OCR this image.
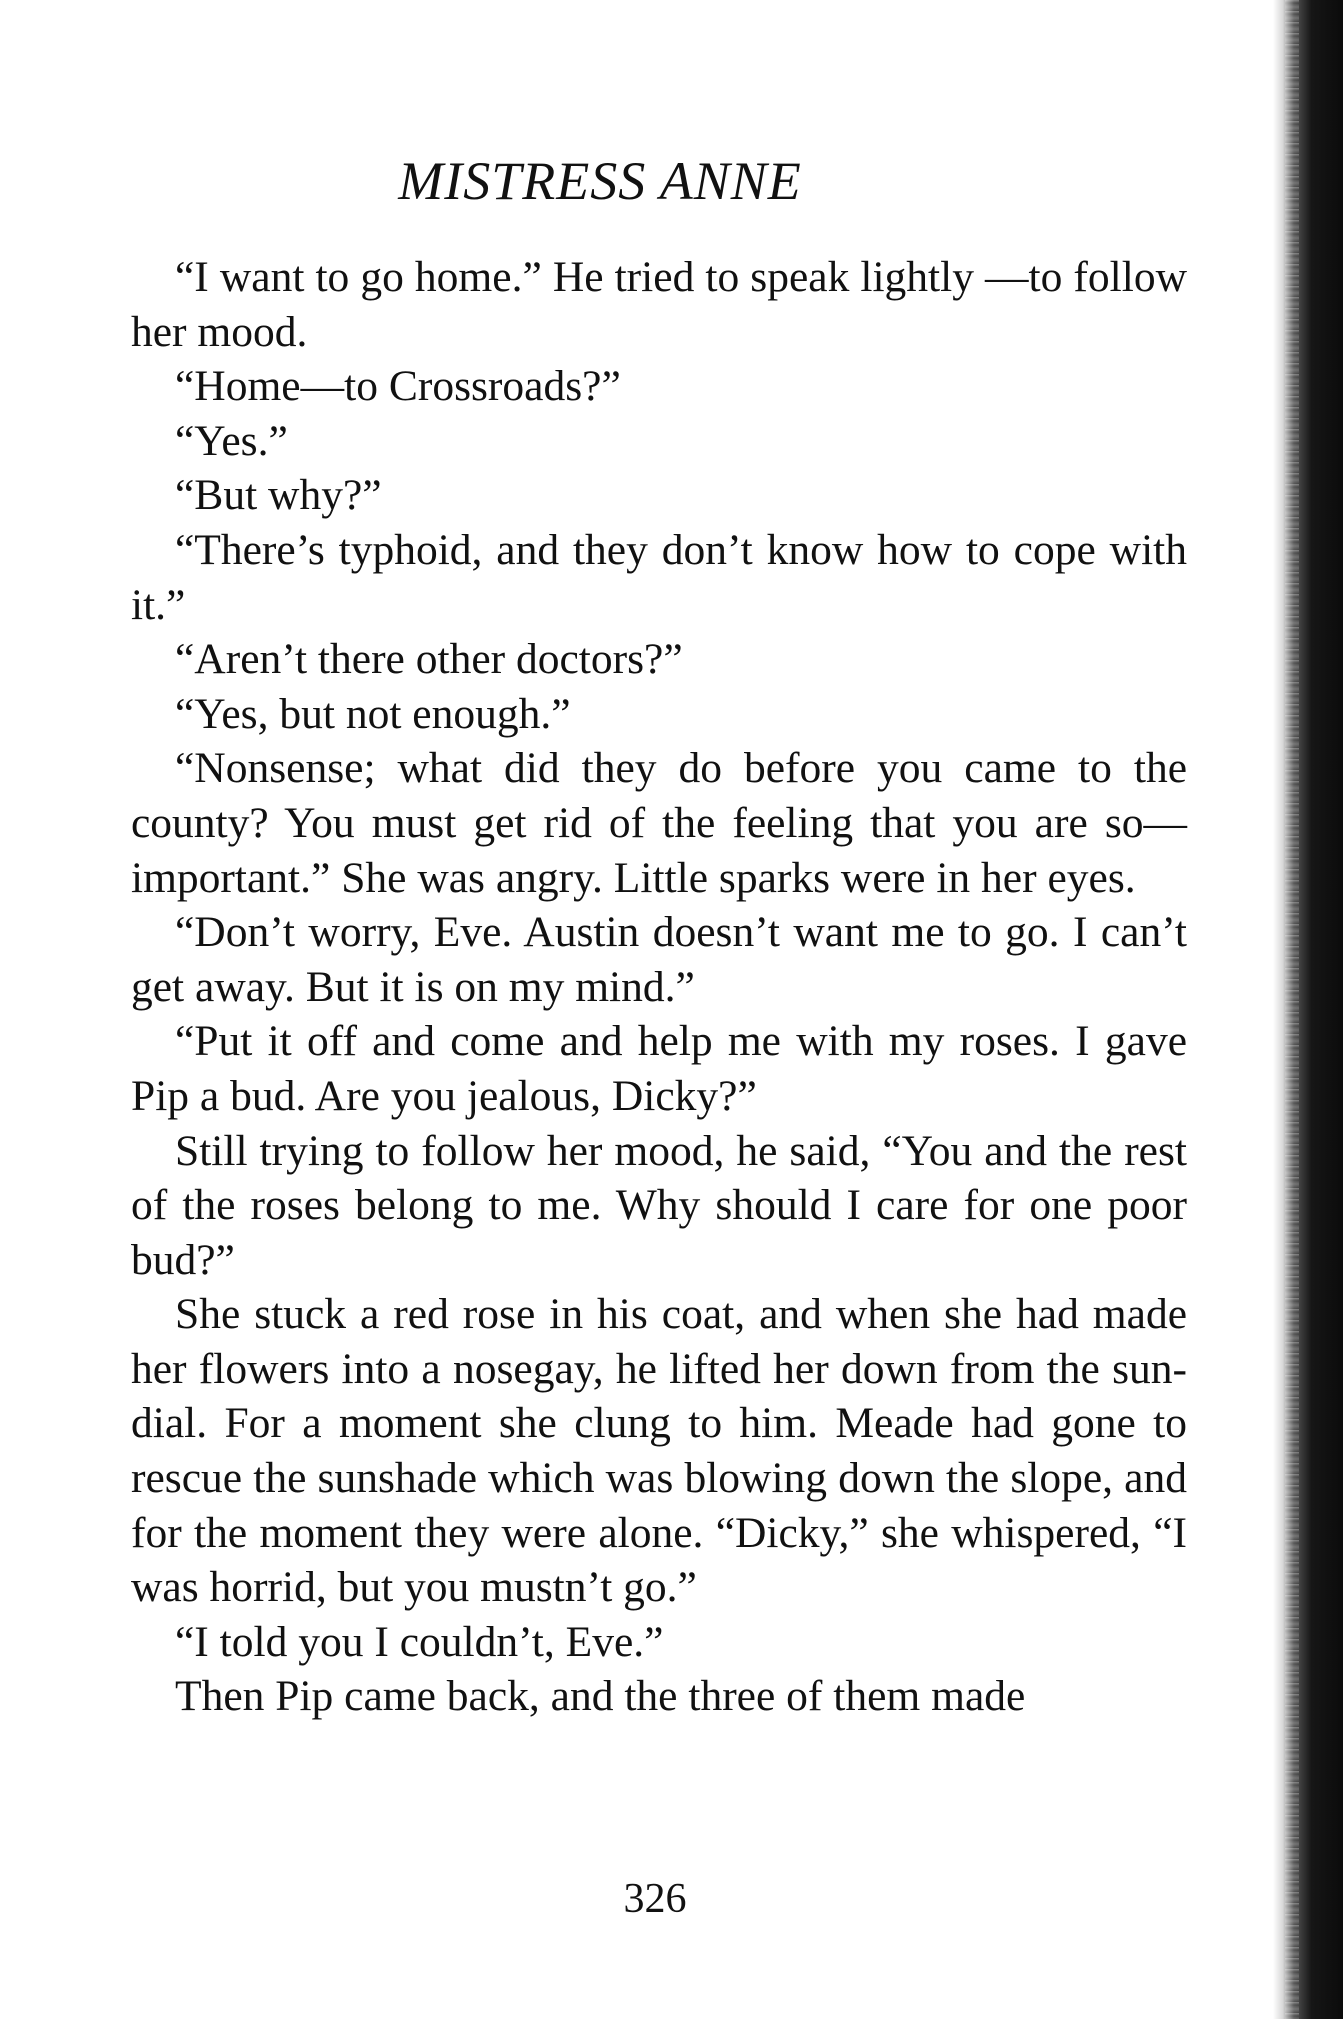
MISTRESS ANNE

“I want to go home.” He tried to speak lightly —to follow her mood.

“Home—to Crossroads?”

“Yes.”

“But why?”

“There’s typhoid, and they don’t know how to cope with it.”

“Aren’t there other doctors?”

“Yes, but not enough.”

“Nonsense; what did they do before you came to the county? You must get rid of the feeling that you are so—important.” She was angry. Little sparks were in her eyes.

“Don’t worry, Eve. Austin doesn’t want me to go. I can’t get away. But it is on my mind.”

“Put it off and come and help me with my roses. I gave Pip a bud. Are you jealous, Dicky?”

Still trying to follow her mood, he said, “You and the rest of the roses belong to me. Why should I care for one poor bud?”

She stuck a red rose in his coat, and when she had made her flowers into a nosegay, he lifted her down from the sun-dial. For a moment she clung to him. Meade had gone to rescue the sunshade which was blowing down the slope, and for the moment they were alone. “Dicky,” she whispered, “I was horrid, but you mustn’t go.”

“I told you I couldn’t, Eve.”

Then Pip came back, and the three of them made

326
